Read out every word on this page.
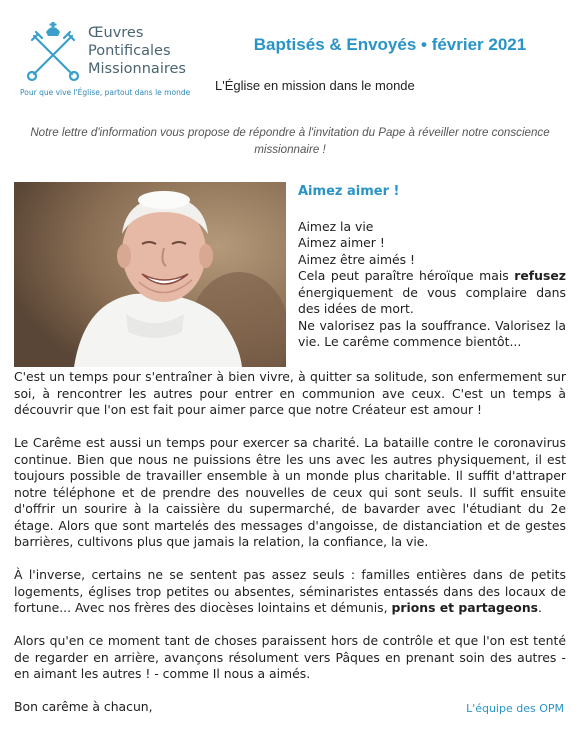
Œuvres
Pontificales
Missionnaires
Pour que vive l'Église, partout dans le monde
Baptisés & Envoyés • février 2021
L'Église en mission dans le monde
Notre lettre d'information vous propose de répondre à l'invitation du Pape à réveiller notre conscience missionnaire !
Aimez aimer !
Aimez la vie
Aimez aimer !
Aimez être aimés !

Cela peut paraître héroïque mais refusez énergiquement de vous complaire dans des idées de mort.

Ne valorisez pas la souffrance. Valorisez la vie. Le carême commence bientôt...

C'est un temps pour s'entraîner à bien vivre, à quitter sa solitude, son enfermement sur soi, à rencontrer les autres pour entrer en communion ave ceux. C'est un temps à découvrir que l'on est fait pour aimer parce que notre Créateur est amour !

Le Carême est aussi un temps pour exercer sa charité. La bataille contre le coronavirus continue. Bien que nous ne puissions être les uns avec les autres physiquement, il est toujours possible de travailler ensemble à un monde plus charitable. Il suffit d'attraper notre téléphone et de prendre des nouvelles de ceux qui sont seuls. Il suffit ensuite d'offrir un sourire à la caissière du supermarché, de bavarder avec l'étudiant du 2e étage. Alors que sont martelés des messages d'angoisse, de distanciation et de gestes barrières, cultivons plus que jamais la relation, la confiance, la vie.

À l'inverse, certains ne se sentent pas assez seuls : familles entières dans de petits logements, églises trop petites ou absentes, séminaristes entassés dans des locaux de fortune... Avec nos frères des diocèses lointains et démunis, prions et partageons.

Alors qu'en ce moment tant de choses paraissent hors de contrôle et que l'on est tenté de regarder en arrière, avançons résolument vers Pâques en prenant soin des autres - en aimant les autres ! - comme Il nous a aimés.

Bon carême à chacun,	L'équipe des OPM
